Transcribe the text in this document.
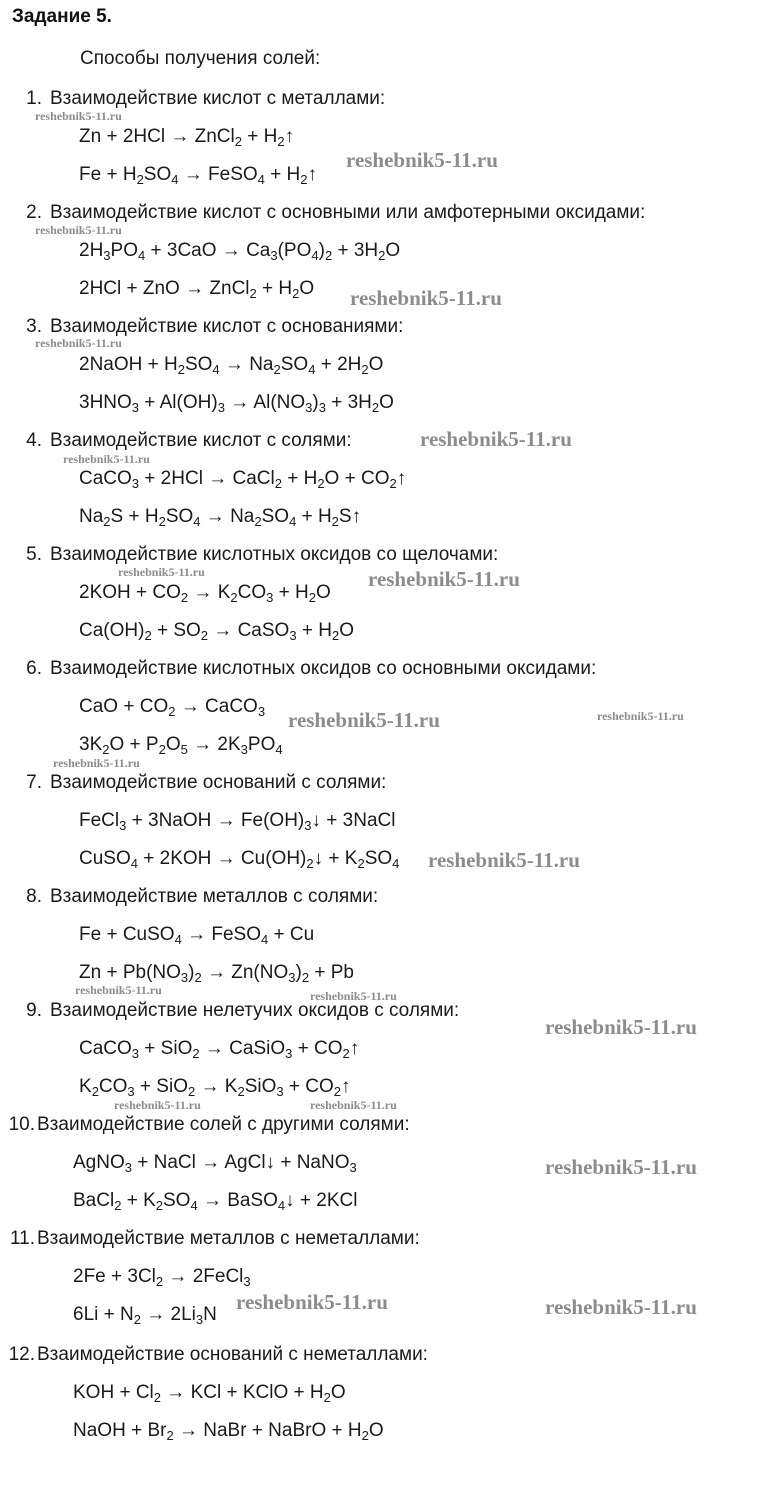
Задание 5.
Способы получения солей:
1. Взаимодействие кислот с металлами:
Zn + 2HCl → ZnCl$_2$ + $H_2↑$
$Fe + H_2SO_4$ → FeSO$_4$ + $H_2↑$
2. Взаимодействие кислот с основными или амфотерными оксидами:
$2H_3PO_4 + 3CaO \to Ca_3(PO_4)_2 + 3H_2O$
2HCl + ZnO → ZnCl$_2$ + $H_2O$
3. Взаимодействие кислот с основаниями:
2NaOH + $H_2SO_4 \to Na_2SO_4 + 2H_2O$
$3HNO_3 + Al(OH)_3 \to Al(NO_3)_3 + 3H_2O$
4. Взаимодействие кислот с солями:
CaCO$_3$ + 2HCl → CaCl$_2$ + $H_2O$ + $CO_2↑$
$Na_2S + H_2SO_4 \to Na_2SO_4$ + $H_2S↑$
5. Взаимодействие кислотных оксидов со щелочами:
$2KOH + CO_2 \to K_2CO_3 + H_2O$
$Ca(OH)_2 + SO_2$ → CaSO$_3$ + $H_2O$
6. Взаимодействие кислотных оксидов со основными оксидами:
CaO + $CO_2$ → CaCO$_3$
$3K_2O + P_2O_5 \to 2K_3PO_4$
7. Взаимодействие оснований с солями:
FeCl$_3$ + 3NaOH → $Fe(OH)_3↓$ + 3NaCl
CuSO$_4$ + $2KOH \to Cu(OH)_2↓ + K_2SO_4$
8. Взаимодействие металлов с солями:
Fe + CuSO$_4$ → FeSO$_4$ + Cu
$Zn + Pb(NO_3)_2 \to Zn(NO_3)_2 + Pb$
9. Взаимодействие нелетучих оксидов с солями:
CaCO$_3$ + SiO$_2$ → CaSiO$_3$ + $CO_2↑$
$K_2CO_3 + SiO_2 \to K_2SiO_3$ + $CO_2↑$
10. Взаимодействие солей с другими солями:
AgNO$_3$ + NaCl → AgCl↓ + NaNO$_3$
BaCl$_2$ + $K_2SO_4$ → BaSO$_4$↓ + 2KCl
11. Взаимодействие металлов с неметаллами:
$2Fe + 3Cl_2$ → 2FeCl$_3$
$6Li + N_2 \to 2Li_3N$
12. Взаимодействие оснований с неметаллами:
KOH + $Cl_2$ → KCl + KClO + $H_2O$
NaOH + $Br_2$ → NaBr + NaBrO + $H_2O$
reshebnik5-11.ru
reshebnik5-11.ru
reshebnik5-11.ru
reshebnik5-11.ru
reshebnik5-11.ru
reshebnik5-11.ru
reshebnik5-11.ru
reshebnik5-11.ru	reshebnik5-11.ru
reshebnik5-11.ru	reshebnik5-11.ru
reshebnik5-11.ru
reshebnik5-11.ru
reshebnik5-11.ru	reshebnik5-11.ru
reshebnik5-11.ru
reshebnik5-11.ru	reshebnik5-11.ru
reshebnik5-11.ru
reshebnik5-11.ru	reshebnik5-11.ru
